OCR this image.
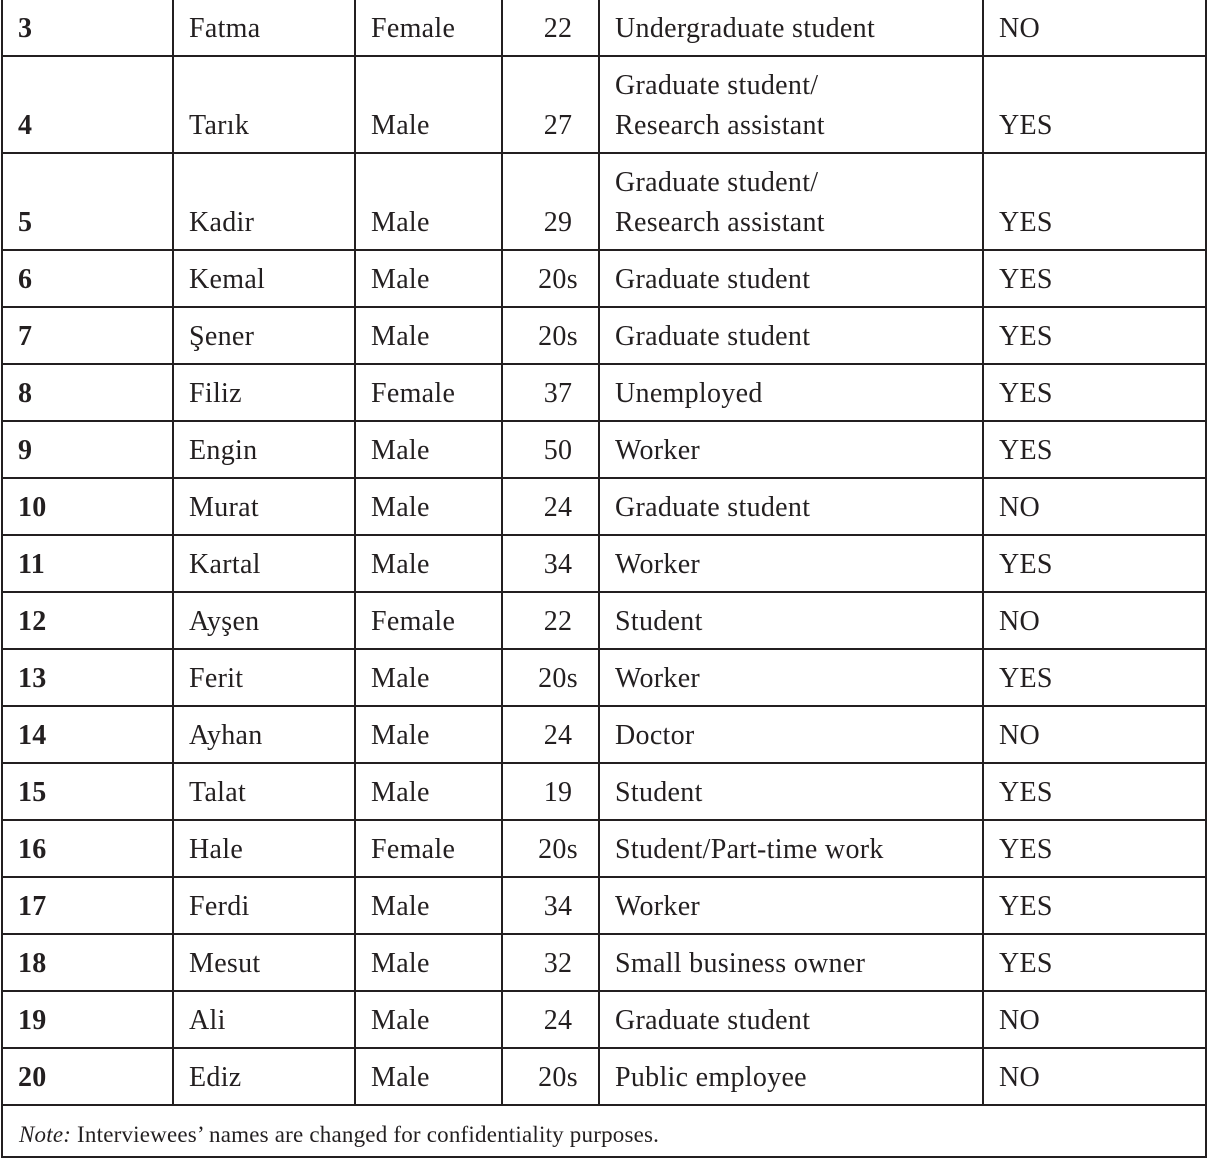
3	Fatma	Female	22	Undergraduate student	NO
4	Tarık	Male	27	Graduate student/
Research assistant	YES
5	Kadir	Male	29	Graduate student/
Research assistant	YES
6	Kemal	Male	20s	Graduate student	YES
7	Şener	Male	20s	Graduate student	YES
8	Filiz	Female	37	Unemployed	YES
9	Engin	Male	50	Worker	YES
10	Murat	Male	24	Graduate student	NO
11	Kartal	Male	34	Worker	YES
12	Ayşen	Female	22	Student	NO
13	Ferit	Male	20s	Worker	YES
14	Ayhan	Male	24	Doctor	NO
15	Talat	Male	19	Student	YES
16	Hale	Female	20s	Student/Part-time work	YES
17	Ferdi	Male	34	Worker	YES
18	Mesut	Male	32	Small business owner	YES
19	Ali	Male	24	Graduate student	NO
20	Ediz	Male	20s	Public employee	NO
Note: Interviewees’ names are changed for confidentiality purposes.					
